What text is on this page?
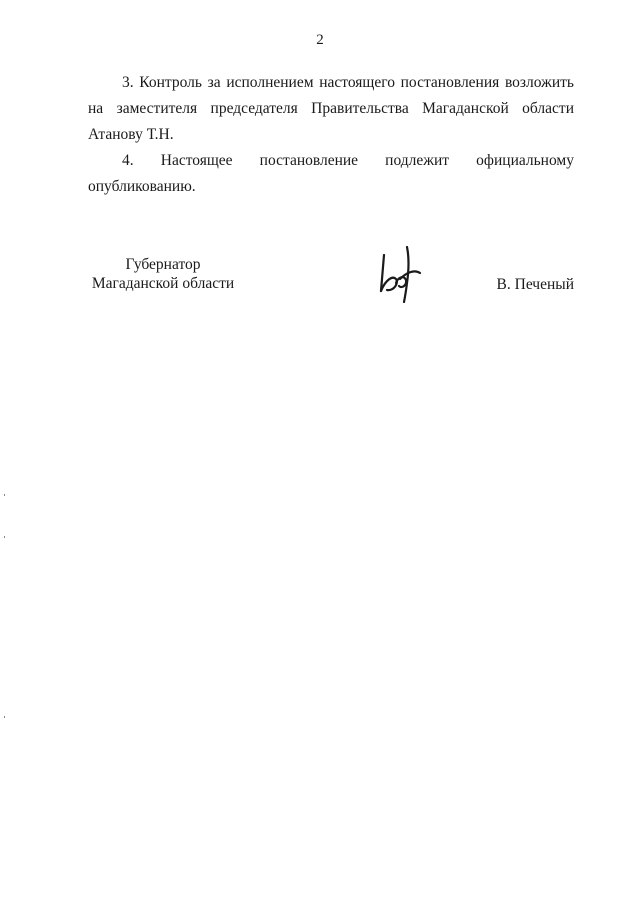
2

3. Контроль за исполнением настоящего постановления возложить
на заместителя председателя Правительства Магаданской области
Атанову Т.Н.

4. Настоящее постановление подлежит официальному
опубликованию.

Губернатор
Магаданской области	В. Печеный
